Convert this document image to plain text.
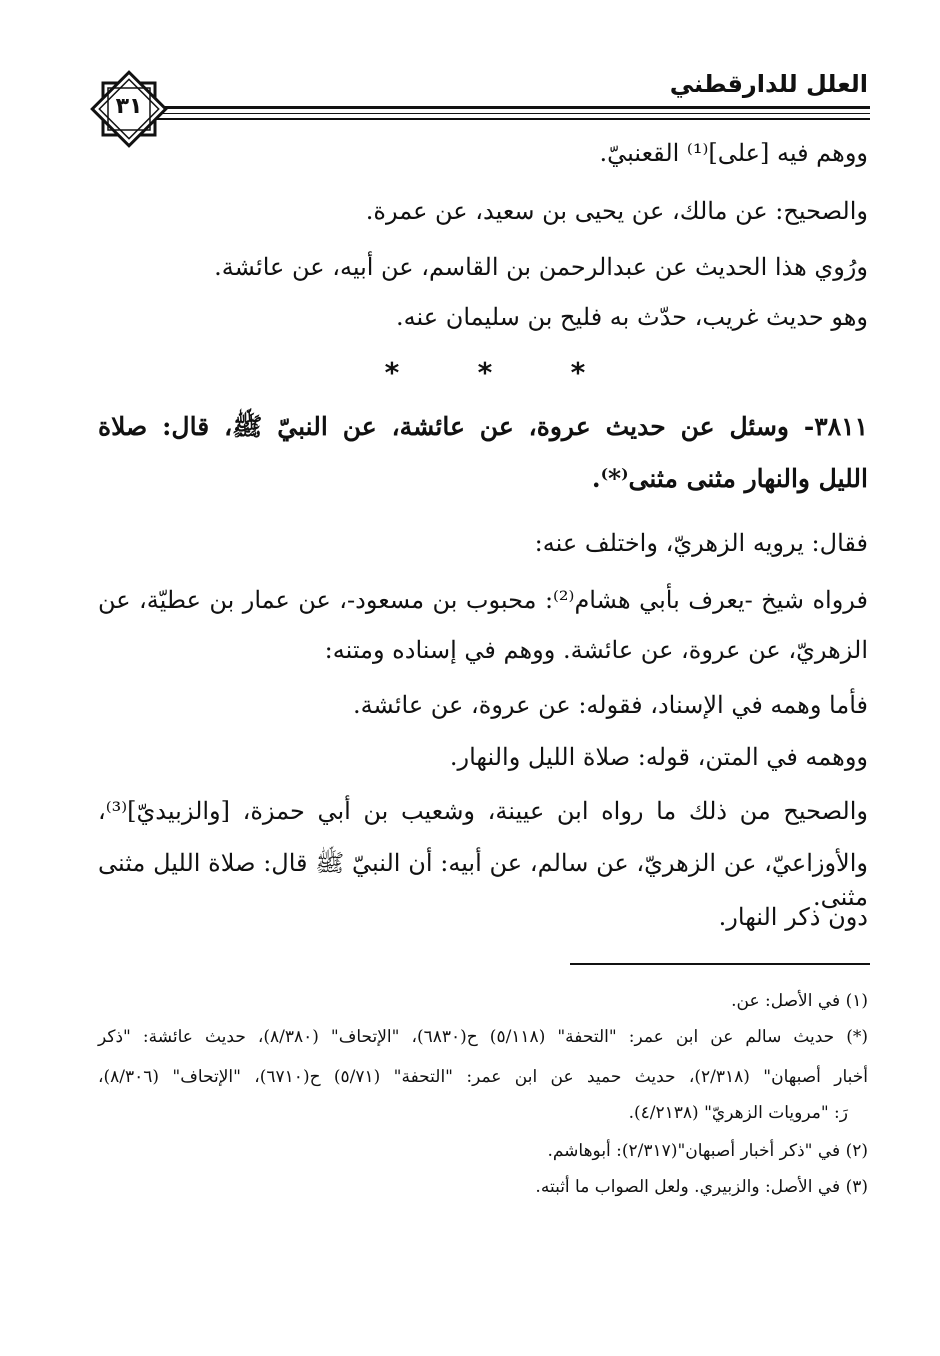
العلل للدارقطني
٣١
ووهم فيه [على]⁽¹⁾ القعنبيّ.
والصحيح: عن مالك، عن يحيى بن سعيد، عن عمرة.
ورُوي هذا الحديث عن عبدالرحمن بن القاسم، عن أبيه، عن عائشة.
وهو حديث غريب، حدّث به فليح بن سليمان عنه.
*
*
*
٣٨١١- وسئل عن حديث عروة، عن عائشة، عن النبيّ ﷺ، قال: صلاة
الليل والنهار مثنى مثنى⁽*⁾.
فقال: يرويه الزهريّ، واختلف عنه:
فرواه شيخ -يعرف بأبي هشام⁽²⁾: محبوب بن مسعود-، عن عمار بن عطيّة، عن
الزهريّ، عن عروة، عن عائشة. ووهم في إسناده ومتنه:
فأما وهمه في الإسناد، فقوله: عن عروة، عن عائشة.
ووهمه في المتن، قوله: صلاة الليل والنهار.
والصحيح من ذلك ما رواه ابن عيينة، وشعيب بن أبي حمزة، [والزبيديّ]⁽³⁾،
والأوزاعيّ، عن الزهريّ، عن سالم، عن أبيه: أن النبيّ ﷺ قال: صلاة الليل مثنى مثنى.
دون ذكر النهار.
(١) في الأصل: عن.
(*) حديث سالم عن ابن عمر: "التحفة" (٥/١١٨) ح(٦٨٣٠)، "الإتحاف" (٨/٣٨٠)، حديث عائشة: "ذكر
أخبار أصبهان" (٢/٣١٨)، حديث حميد عن ابن عمر: "التحفة" (٥/٧١) ح(٦٧١٠)، "الإتحاف" (٨/٣٠٦)،
رَ: "مرويات الزهريّ" (٤/٢١٣٨).
(٢) في "ذكر أخبار أصبهان"(٢/٣١٧): أبوهاشم.
(٣) في الأصل: والزبيري. ولعل الصواب ما أثبته.
